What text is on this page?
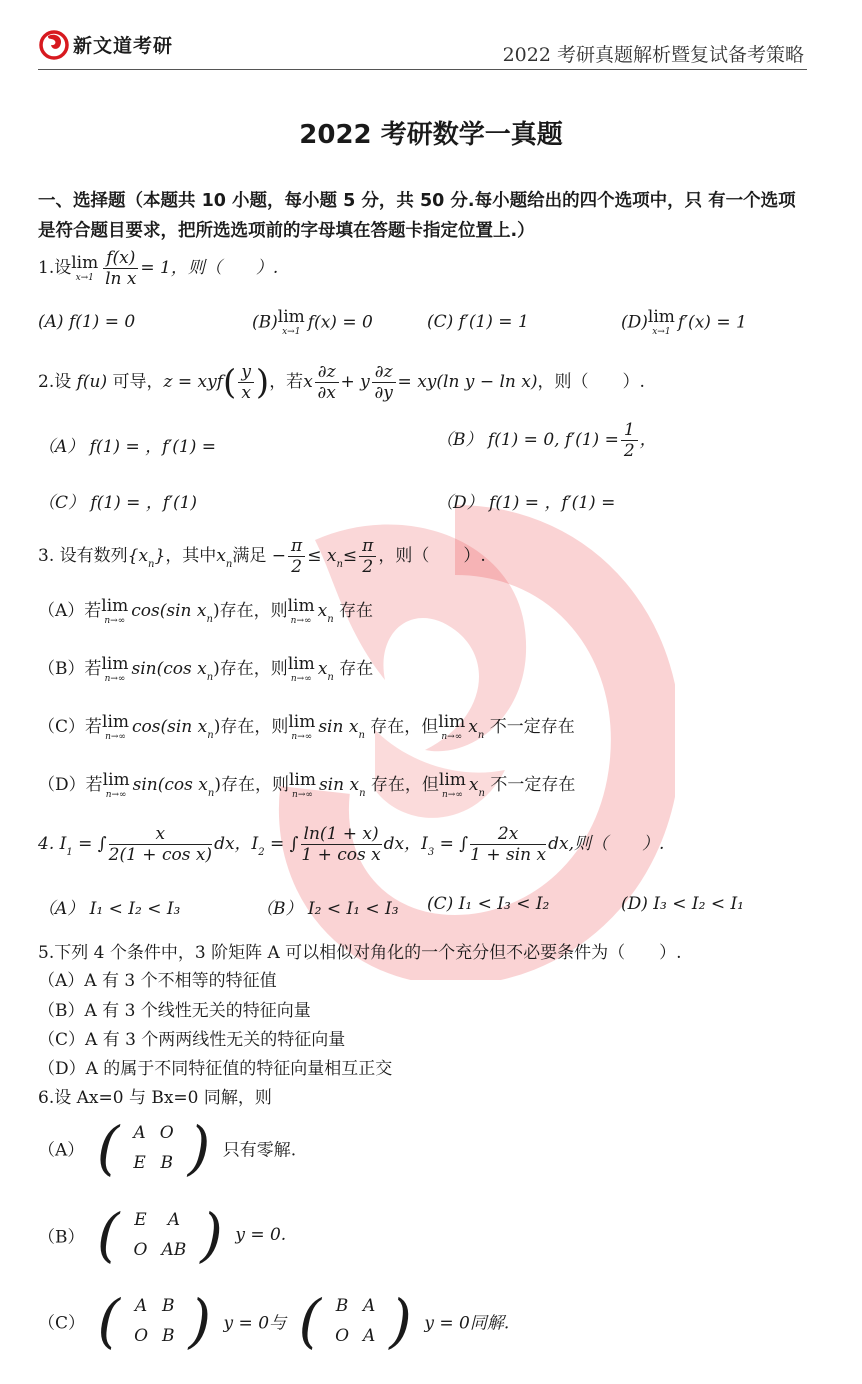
新文道考研	2022 考研真题解析暨复试备考策略
2022 考研数学一真题
一、选择题（本题共 10 小题，每小题 5 分，共 50 分.每小题给出的四个选项中，只 有一个选项是符合题目要求，把所选选项前的字母填在答题卡指定位置上.）
1.设 lim
$x\to 1 \frac{f(x)}{\text{ln x}} = 1$，则（　　）.
(A) f(1) = 0	(B) lim
x→1 f(x) = 0	(C) f′(1) = 1	(D) lim
x→1 f′(x) = 1
2.设 f(u) 可导，$z = xyf( \frac{y}{x}$ )，若x $\frac{\partial z}{\partial x} + y \frac{\partial z}{\partial y} = xy(\ln$ y − ln x)，则（　　）.
（A） f(1) = ，f′(1) =	（B） f(1) = 0, $f'(1) = \frac{1}{2}$ ，
（C） f(1) = ，f′(1)	（D） f(1) = ，f′(1) =
3. 设有数列$\{x_n\}$，其中$x_n$满足 − $\frac{\pi}{2} \le x_n\le \frac{\pi}{2}$ ，则（　　）.
（A）若 lim
n→∞ cos(sin $x_n$)存在，则 lim
n→∞ $x_n$ 存在
（B）若 lim
n→∞ sin(cos $x_n$)存在，则 lim
n→∞ $x_n$ 存在
（C）若 lim
n→∞ cos(sin $x_n$)存在，则 lim
n→∞ $\sin x_n$ 存在，但 lim
n→∞ $x_n$ 不一定存在
（D）若 lim
n→∞ sin(cos $x_n$)存在，则 lim
n→∞ $\sin x_n$ 存在，但 lim
n→∞ $x_n$ 不一定存在
4. $I_1$ = ∫ $\frac{x}{\text{2(1 + cos x)}}$ dx，$I_2$ = ∫ $\frac{\ln(1 + x)}{\text{1 + cos x}}$ dx，$I_3$ = ∫ $\frac{2x}{\text{1 + sin x}}$ dx,则（　　）.
（A） I₁ < I₂ < I₃	（B） I₂ < I₁ < I₃ (C) I₁ < I₃ < I₂	(D) I₃ < I₂ < I₁
5.下列 4 个条件中，3 阶矩阵 A 可以相似对角化的一个充分但不必要条件为（　　）.
（A）A 有 3 个不相等的特征值
（B）A 有 3 个线性无关的特征向量
（C）A 有 3 个两两线性无关的特征向量
（D）A 的属于不同特征值的特征向量相互正交
6.设 Ax=0 与 Bx=0 同解，则
（A） (	A	O	)
	E	B	
只有零解.
（B） (	E	A	)
	O	AB	
y = 0.
（C） (	A	B	)
	O	B	
y = 0与 (	B	A	)
	O	A	
y = 0同解.
